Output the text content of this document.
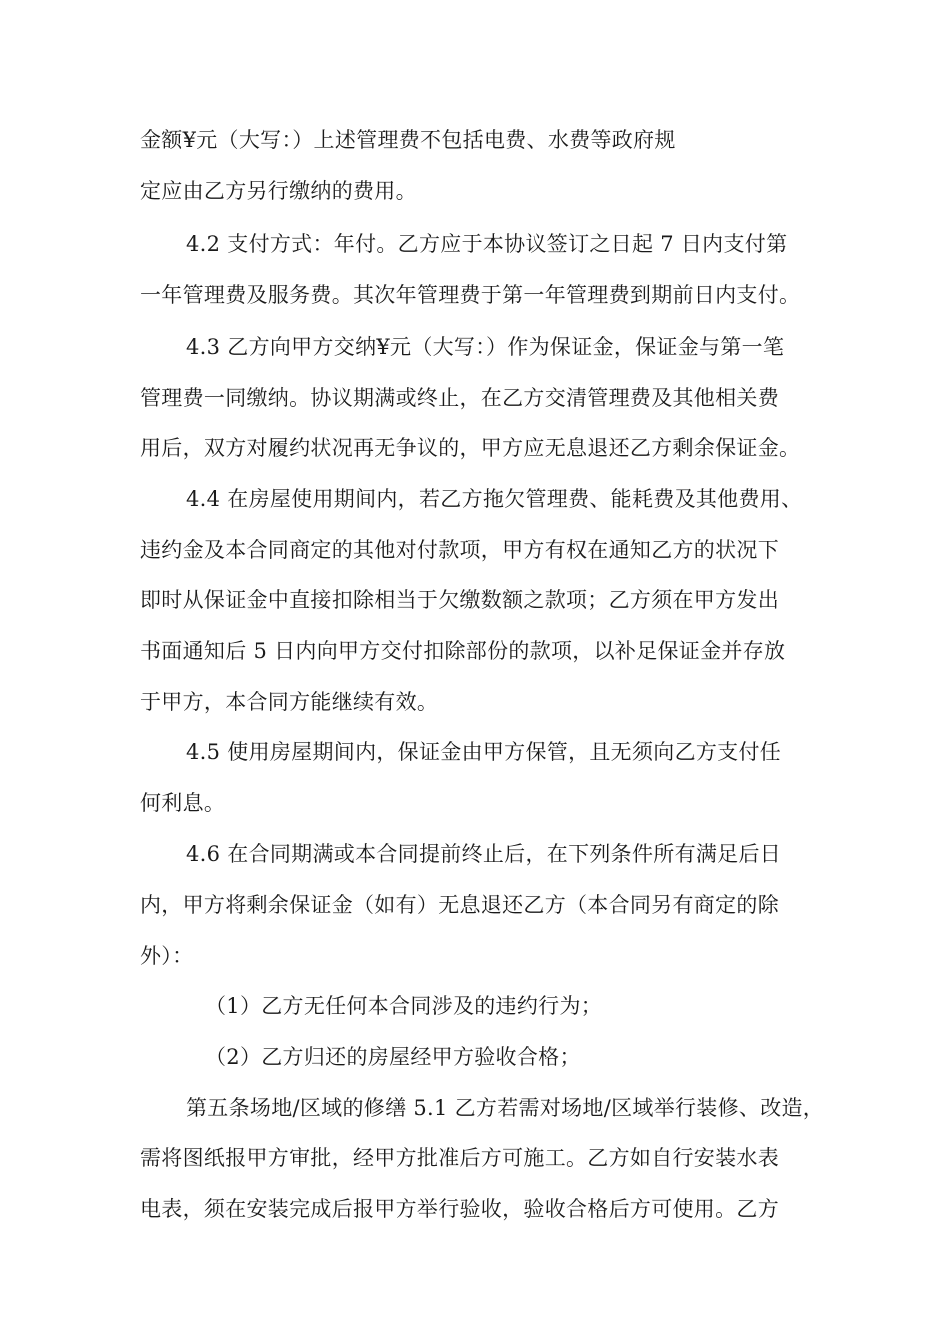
金额¥元（大写：）上述管理费不包括电费、水费等政府规
定应由乙方另行缴纳的费用。
4.2 支付方式：年付。乙方应于本协议签订之日起 7 日内支付第
一年管理费及服务费。其次年管理费于第一年管理费到期前日内支付。
4.3 乙方向甲方交纳¥元（大写：）作为保证金，保证金与第一笔
管理费一同缴纳。协议期满或终止，在乙方交清管理费及其他相关费
用后，双方对履约状况再无争议的，甲方应无息退还乙方剩余保证金。
4.4 在房屋使用期间内，若乙方拖欠管理费、能耗费及其他费用、
违约金及本合同商定的其他对付款项，甲方有权在通知乙方的状况下
即时从保证金中直接扣除相当于欠缴数额之款项；乙方须在甲方发出
书面通知后 5 日内向甲方交付扣除部份的款项，以补足保证金并存放
于甲方，本合同方能继续有效。
4.5 使用房屋期间内，保证金由甲方保管，且无须向乙方支付任
何利息。
4.6 在合同期满或本合同提前终止后，在下列条件所有满足后日
内，甲方将剩余保证金（如有）无息退还乙方（本合同另有商定的除
外）：
（1）乙方无任何本合同涉及的违约行为；
（2）乙方归还的房屋经甲方验收合格；
第五条场地/区域的修缮 5.1 乙方若需对场地/区域举行装修、改造，
需将图纸报甲方审批，经甲方批准后方可施工。乙方如自行安装水表
电表，须在安装完成后报甲方举行验收，验收合格后方可使用。乙方
